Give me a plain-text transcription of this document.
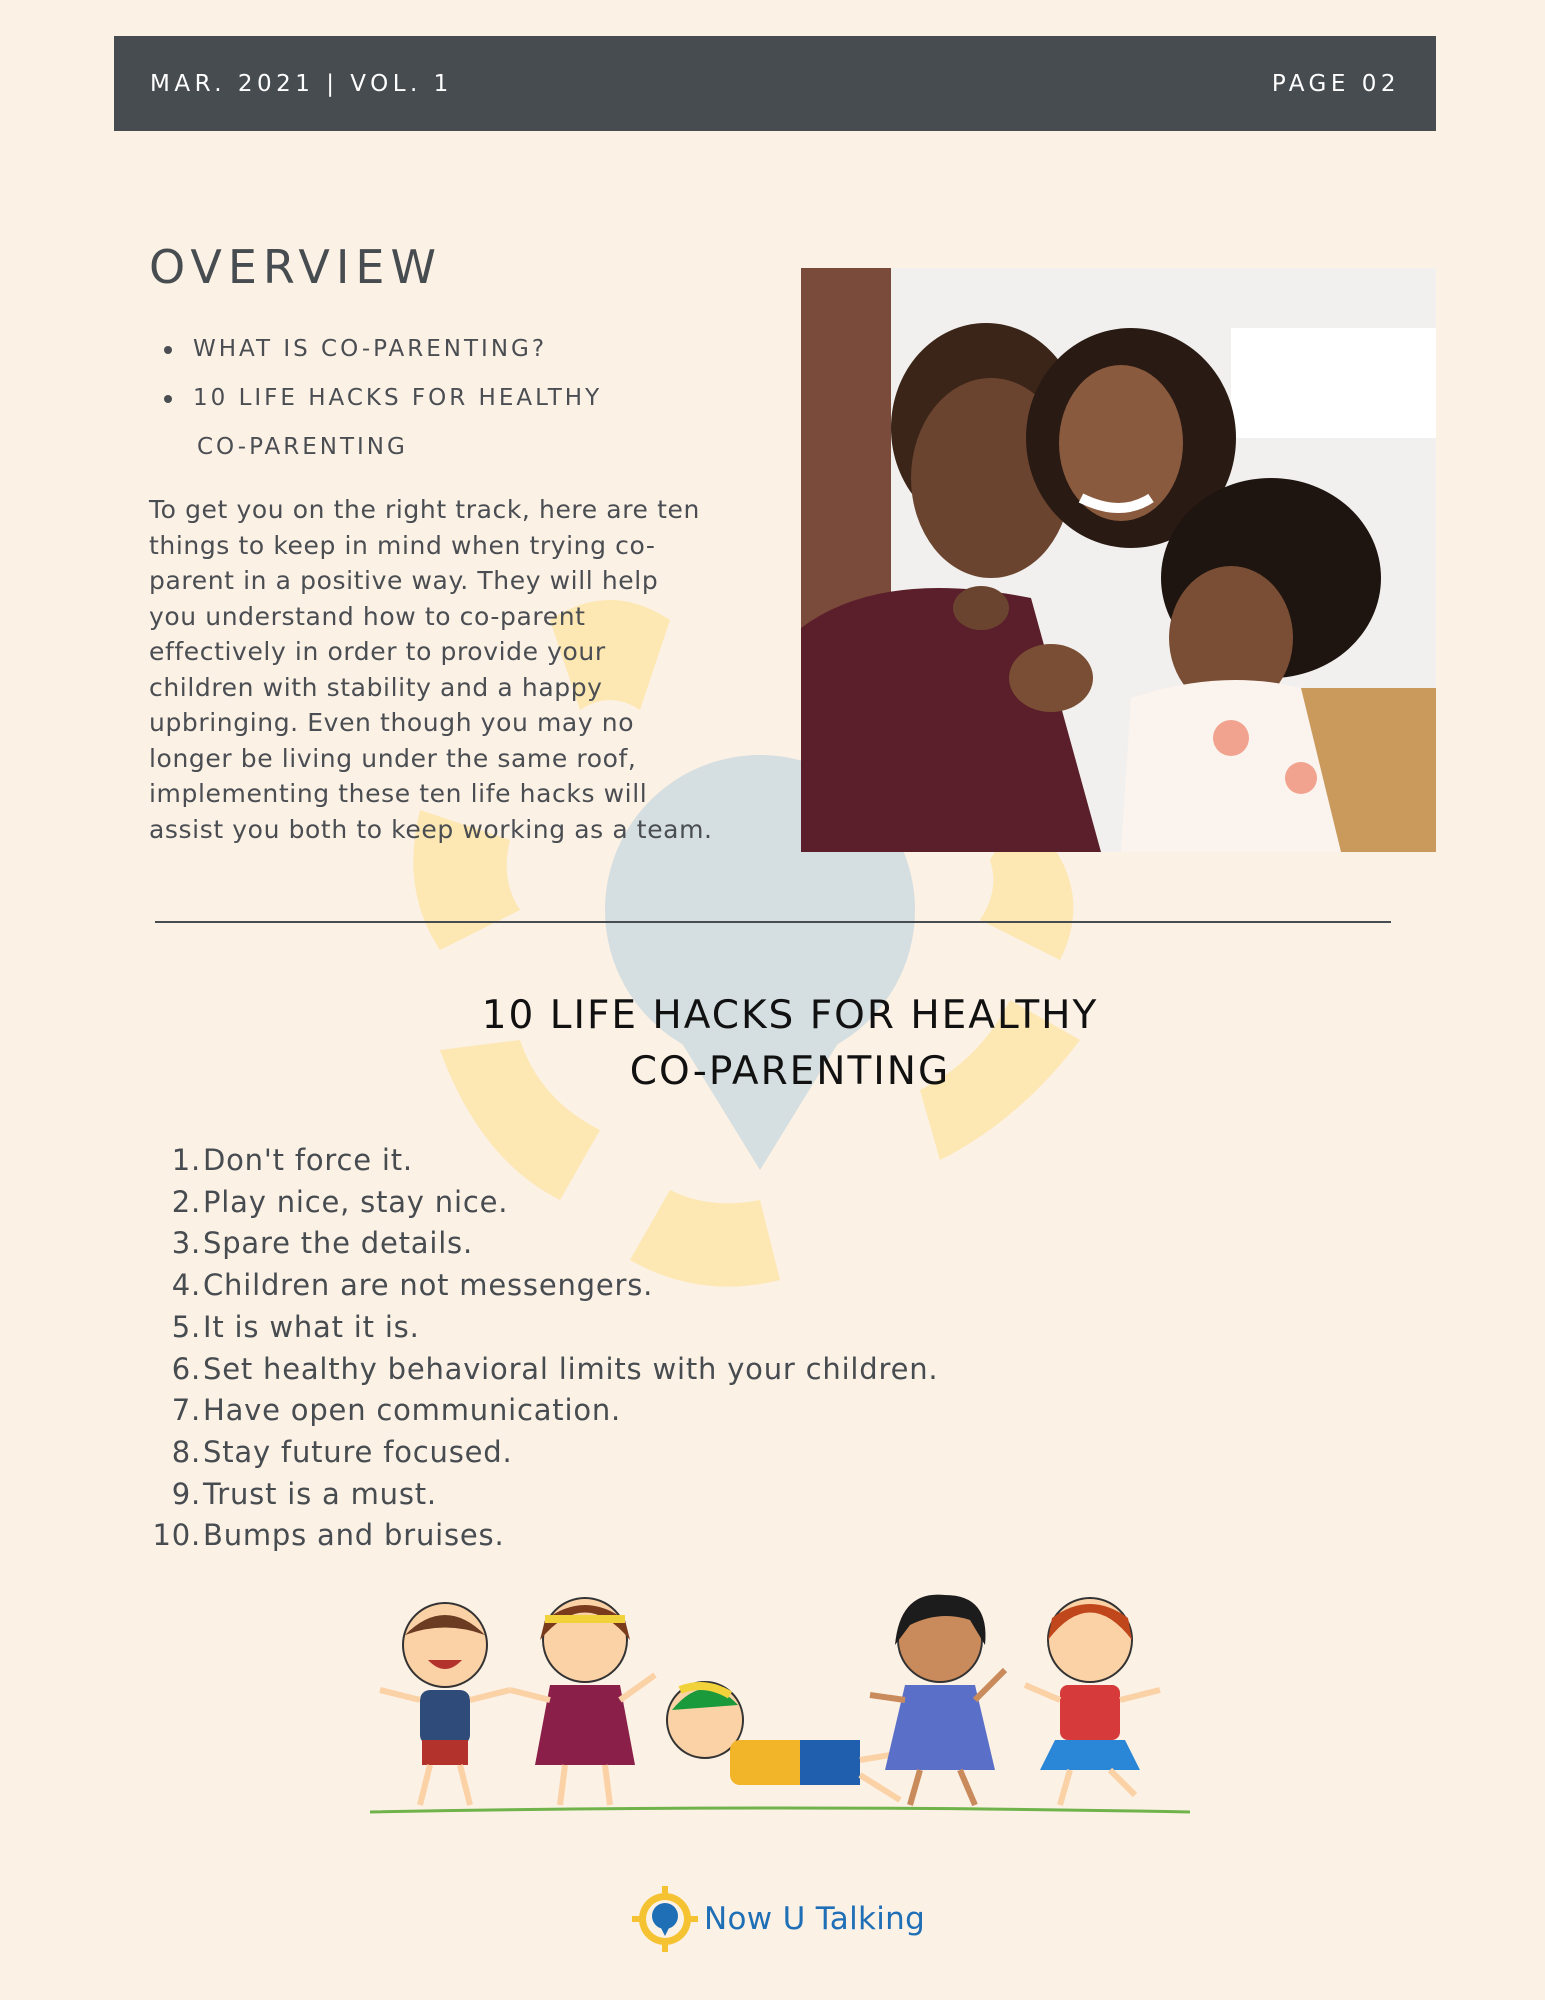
MAR. 2021 | VOL. 1	PAGE 02
OVERVIEW
WHAT IS CO-PARENTING?
10 LIFE HACKS FOR HEALTHY
CO-PARENTING

To get you on the right track, here are ten
things to keep in mind when trying co-
parent in a positive way. They will help
you understand how to co-parent
effectively in order to provide your
children with stability and a happy
upbringing. Even though you may no
longer be living under the same roof,
implementing these ten life hacks will
assist you both to keep working as a team.

10 LIFE HACKS FOR HEALTHY
CO-PARENTING
1. Don't force it.
2. Play nice, stay nice.
3. Spare the details.
4. Children are not messengers.
5. It is what it is.
6. Set healthy behavioral limits with your children.
7. Have open communication.
8. Stay future focused.
9. Trust is a must.
10. Bumps and bruises.
Now U Talking
